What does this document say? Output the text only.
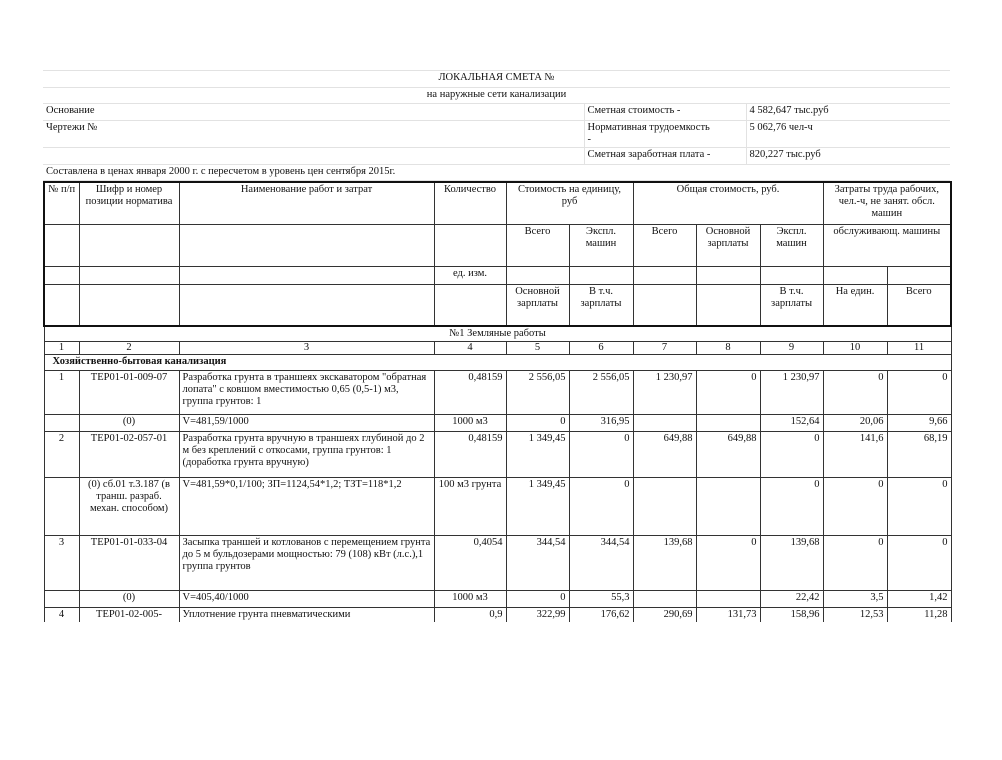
ЛОКАЛЬНАЯ СМЕТА №		
на наружные сети канализации		
Основание	Сметная стоимость -	4 582,647 тыс.руб
Чертежи №	Нормативная трудоемкость
-	5 062,76 чел-ч
	Сметная заработная плата -	820,227 тыс.руб
Составлена в ценах января 2000 г. с пересчетом в уровень цен сентября 2015г.		
№ п/п	Шифр и номер позиции норматива	Наименование работ и затрат	Количество	Стоимость на единицу, руб		Общая стоимость, руб.			Затраты труда рабочих, чел.-ч, не занят. обсл. машин	
				Всего	Экспл. машин	Всего	Основной зарплаты	Экспл. машин	обслуживающ. машины	
			ед. изм.							
				Основной зарплаты	В т.ч. зарплаты			В т.ч. зарплаты	На един.	Всего
№1 Земляные работы										
1	2	3	4	5	6	7	8	9	10	11
Хозяйственно-бытовая канализация										
1	ТЕР01-01-009-07	Разработка грунта в траншеях экскаватором "обратная лопата" с ковшом вместимостью 0,65 (0,5-1) м3, группа грунтов: 1	0,48159	2 556,05	2 556,05	1 230,97	0	1 230,97	0	0
	(0)	V=481,59/1000	1000 м3	0	316,95			152,64	20,06	9,66
2	ТЕР01-02-057-01	Разработка грунта вручную в траншеях глубиной до 2 м без креплений с откосами, группа грунтов: 1 (доработка грунта вручную)	0,48159	1 349,45	0	649,88	649,88	0	141,6	68,19
	(0) сб.01 т.3.187 (в транш. разраб. механ. способом)	V=481,59*0,1/100; ЗП=1124,54*1,2; ТЗТ=118*1,2	100 м3 грунта	1 349,45	0			0	0	0
3	ТЕР01-01-033-04	Засыпка траншей и котлованов с перемещением грунта до 5 м бульдозерами мощностью: 79 (108) кВт (л.с.),1 группа грунтов	0,4054	344,54	344,54	139,68	0	139,68	0	0
	(0)	V=405,40/1000	1000 м3	0	55,3			22,42	3,5	1,42
4	ТЕР01-02-005-	Уплотнение грунта пневматическими	0,9	322,99	176,62	290,69	131,73	158,96	12,53	11,28
